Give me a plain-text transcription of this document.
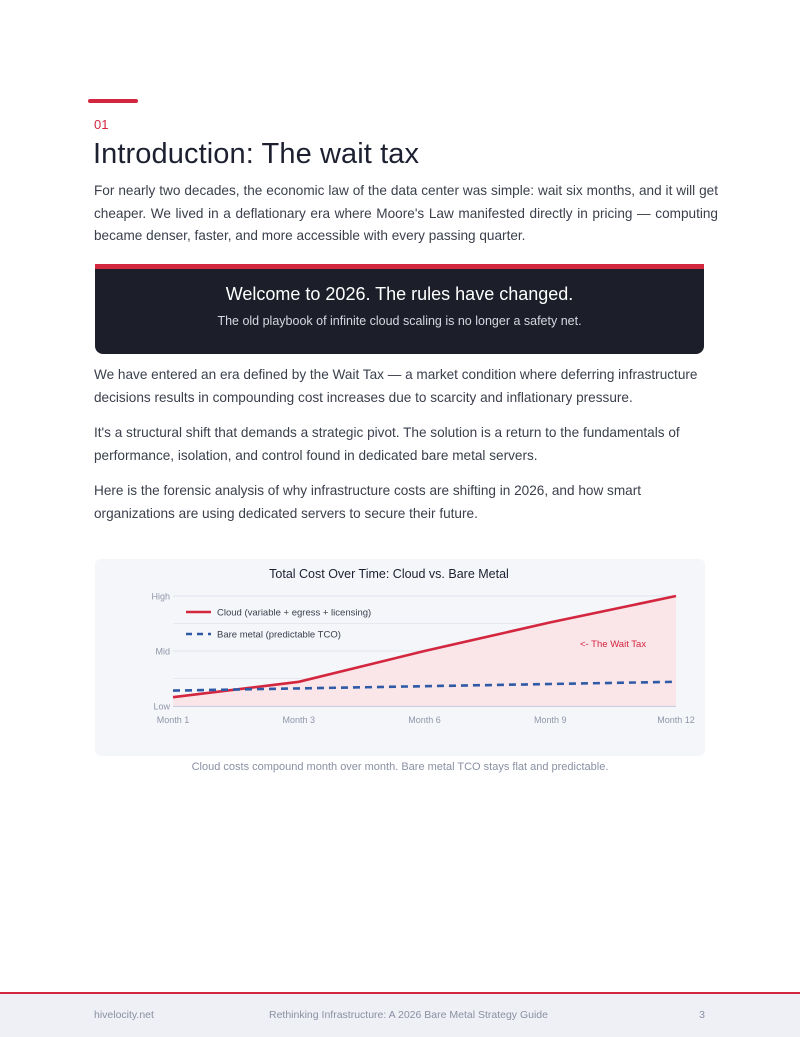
01
Introduction: The wait tax

For nearly two decades, the economic law of the data center was simple: wait six months, and it will get cheaper. We lived in a deflationary era where Moore's Law manifested directly in pricing — computing became denser, faster, and more accessible with every passing quarter.

Welcome to 2026. The rules have changed.
The old playbook of infinite cloud scaling is no longer a safety net.

We have entered an era defined by the Wait Tax — a market condition where deferring infrastructure decisions results in compounding cost increases due to scarcity and inflationary pressure.

It's a structural shift that demands a strategic pivot. The solution is a return to the fundamentals of performance, isolation, and control found in dedicated bare metal servers.

Here is the forensic analysis of why infrastructure costs are shifting in 2026, and how smart organizations are using dedicated servers to secure their future.

Total Cost Over Time: Cloud vs. Bare Metal
Low
Mid
High
Month 1	Month 3	Month 6	Month 9	Month 12
Cloud (variable + egress + licensing)
Bare metal (predictable TCO)
<- The Wait Tax
Cloud costs compound month over month. Bare metal TCO stays flat and predictable.
hivelocity.net	Rethinking Infrastructure: A 2026 Bare Metal Strategy Guide	3
